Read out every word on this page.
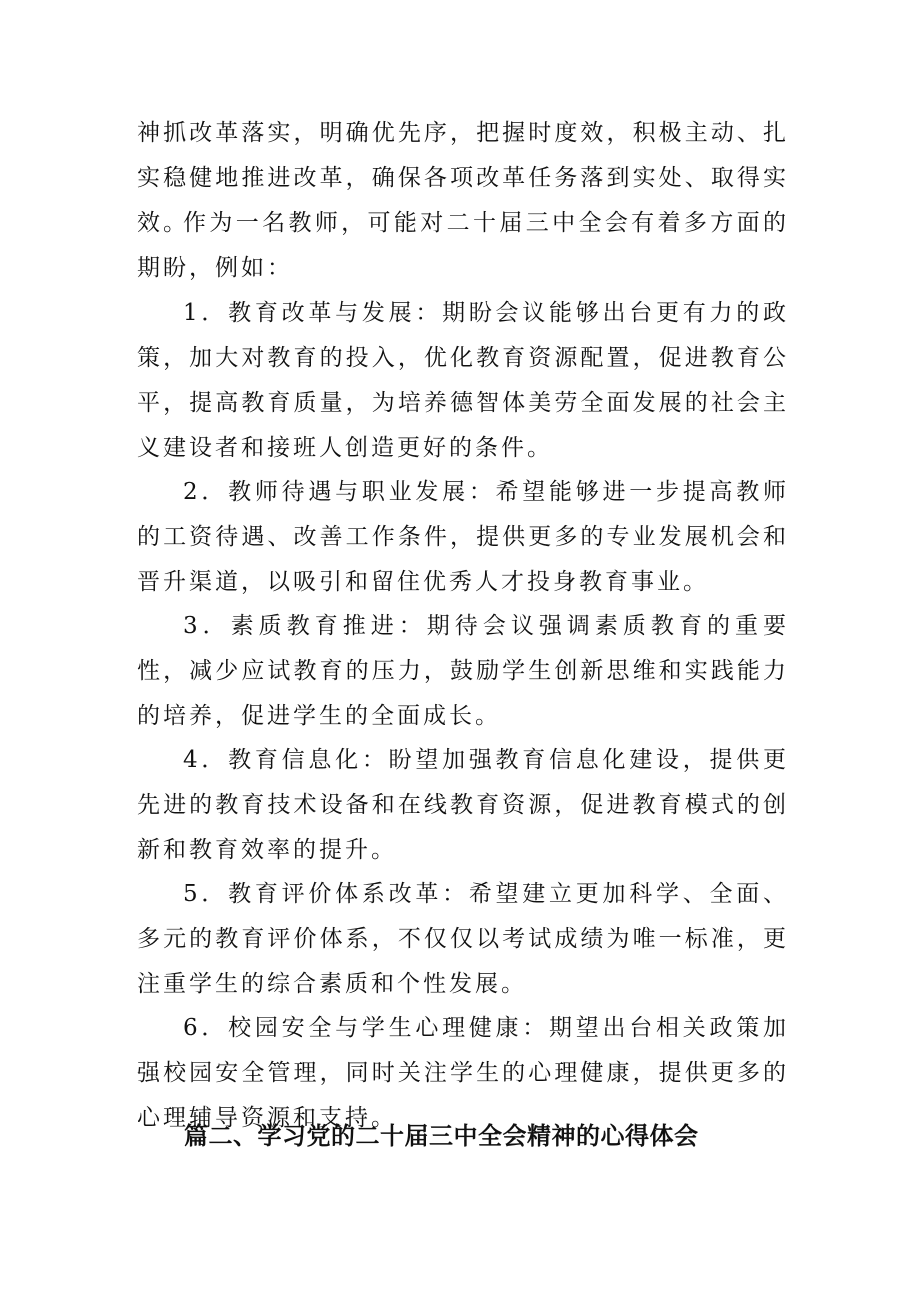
神抓改革落实，明确优先序，把握时度效，积极主动、扎实稳健地推进改革，确保各项改革任务落到实处、取得实效。

作为一名教师，可能对二十届三中全会有着多方面的期盼，例如：

1．教育改革与发展：期盼会议能够出台更有力的政策，加大对教育的投入，优化教育资源配置，促进教育公平，提高教育质量，为培养德智体美劳全面发展的社会主义建设者和接班人创造更好的条件。

2．教师待遇与职业发展：希望能够进一步提高教师的工资待遇、改善工作条件，提供更多的专业发展机会和晋升渠道，以吸引和留住优秀人才投身教育事业。

3．素质教育推进：期待会议强调素质教育的重要性，减少应试教育的压力，鼓励学生创新思维和实践能力的培养，促进学生的全面成长。

4．教育信息化：盼望加强教育信息化建设，提供更先进的教育技术设备和在线教育资源，促进教育模式的创新和教育效率的提升。

5．教育评价体系改革：希望建立更加科学、全面、多元的教育评价体系，不仅仅以考试成绩为唯一标准，更注重学生的综合素质和个性发展。

6．校园安全与学生心理健康：期望出台相关政策加强校园安全管理，同时关注学生的心理健康，提供更多的心理辅导资源和支持。

篇二、学习党的二十届三中全会精神的心得体会
